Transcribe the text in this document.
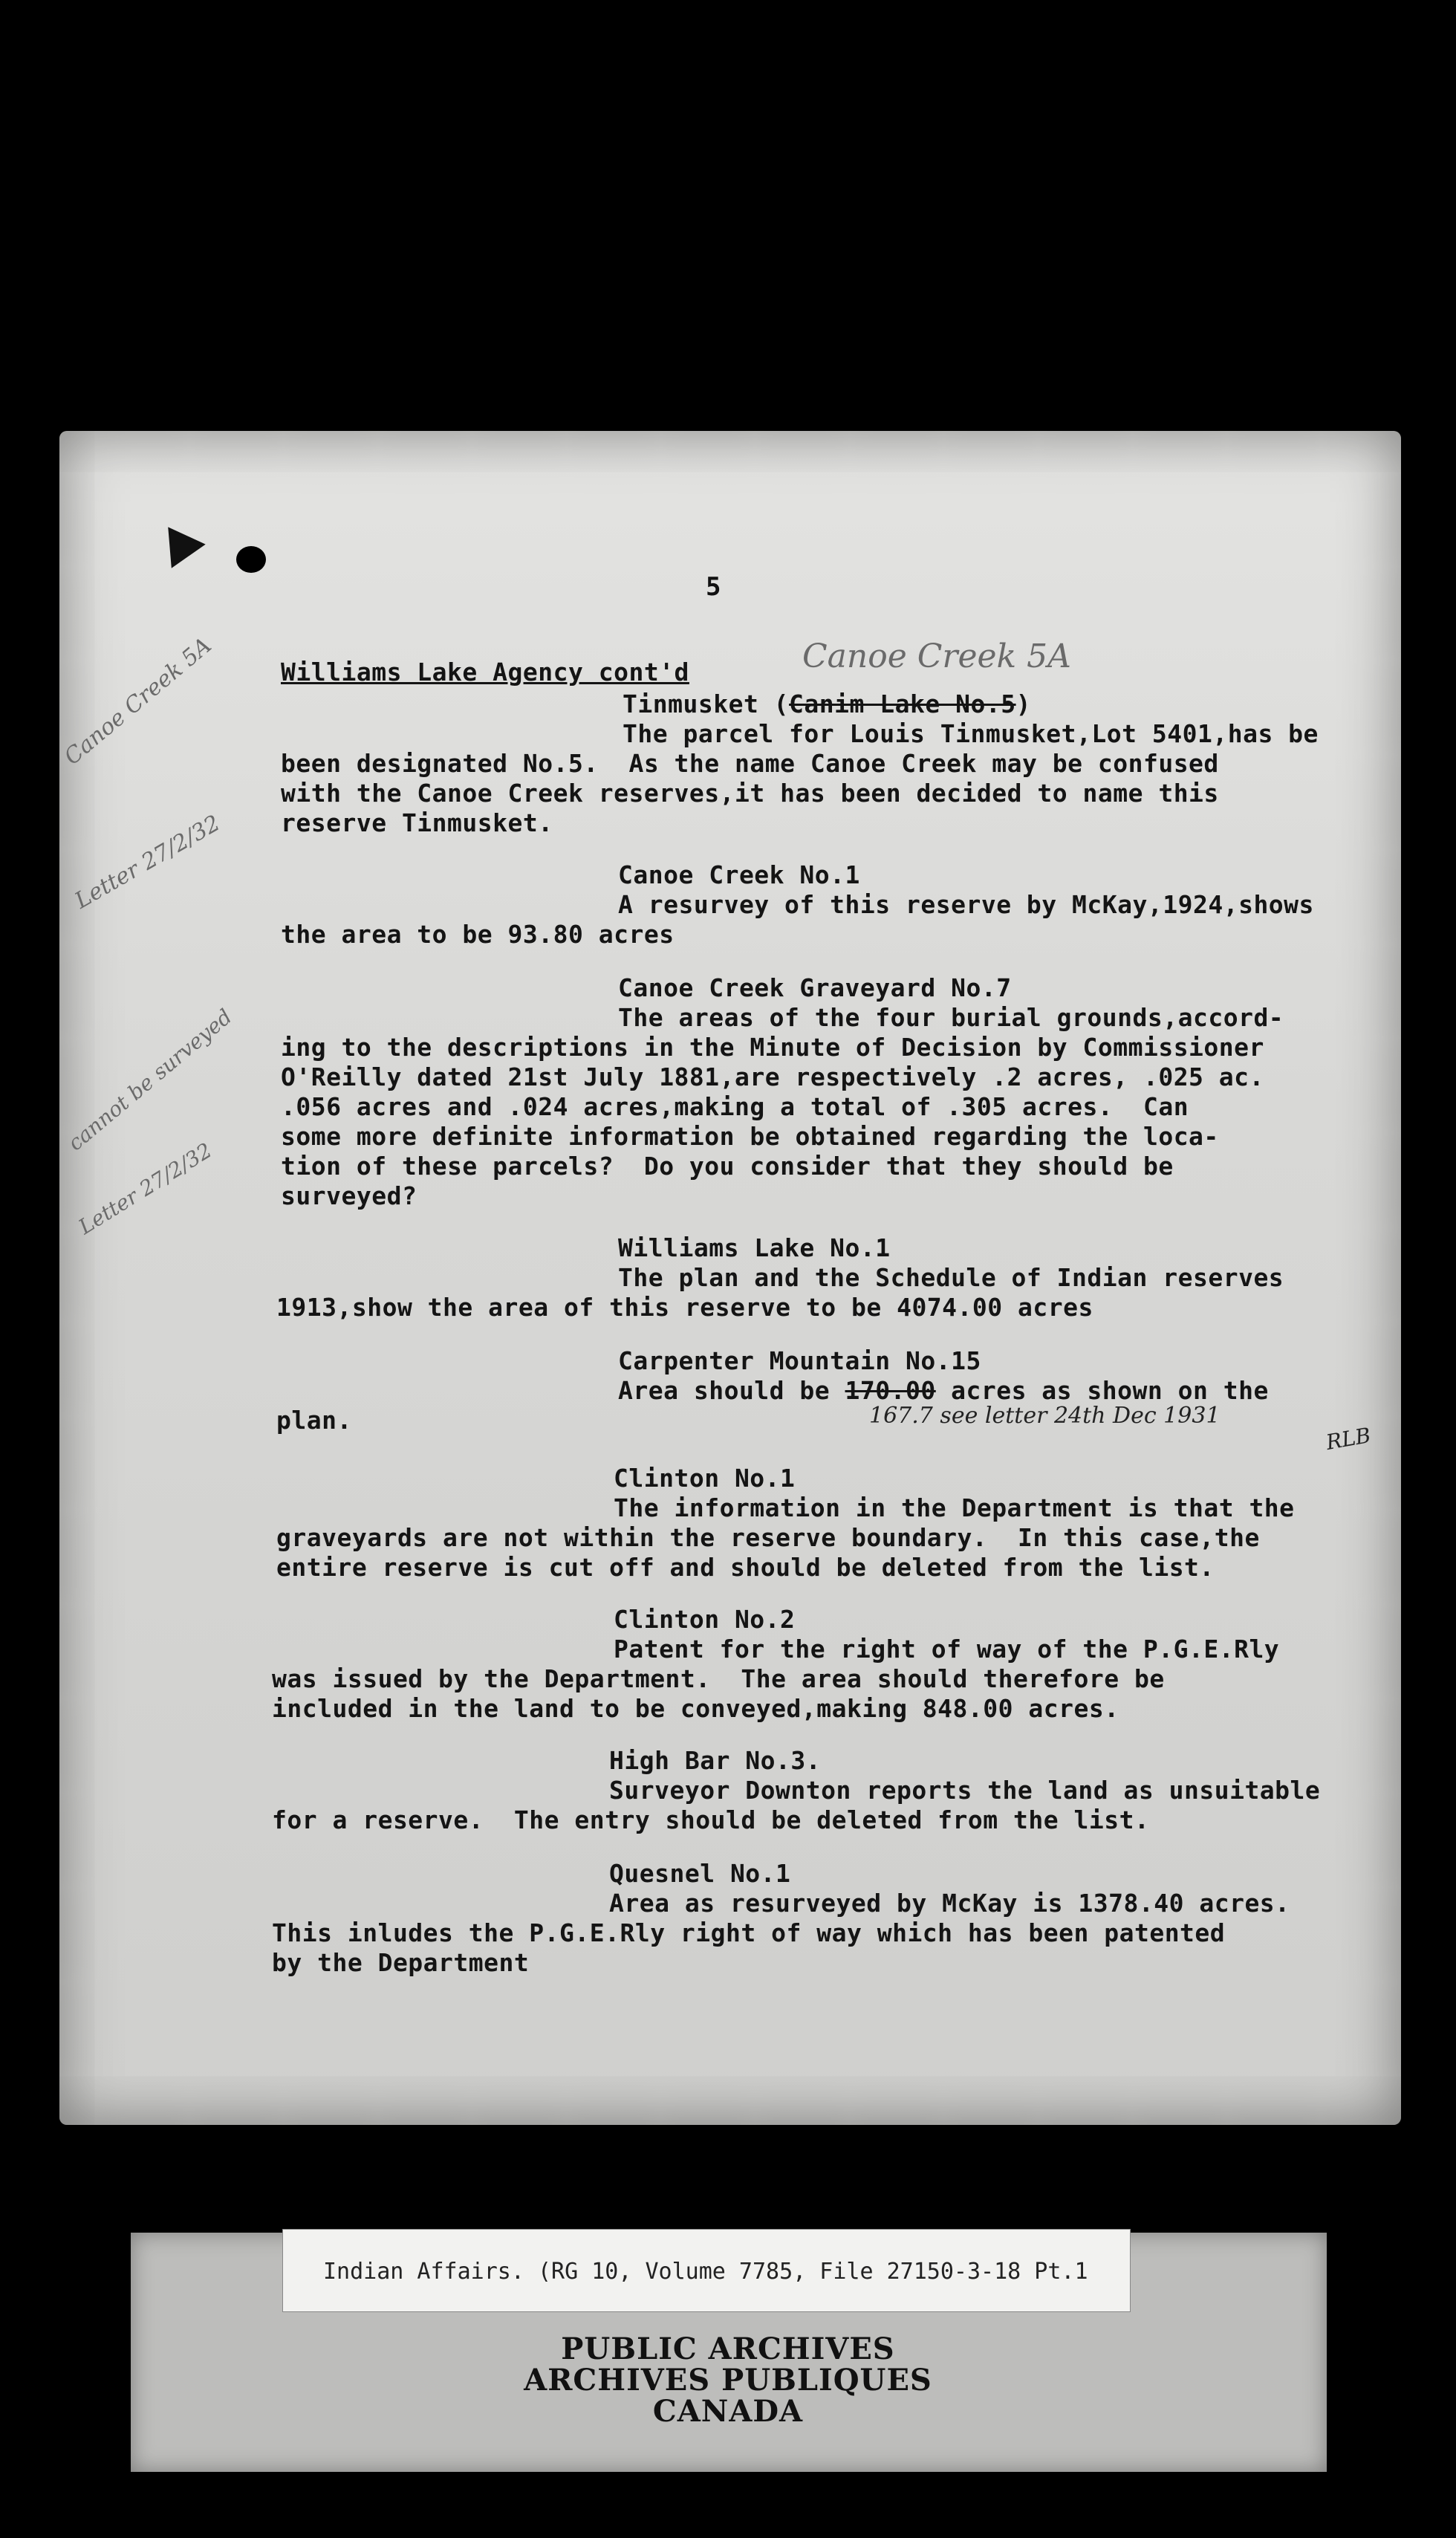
5
Williams Lake Agency cont'd	Canoe Creek 5A
Canoe Creek 5A
Letter 27/2/32
cannot be surveyed
Letter 27/2/32
Tinmusket (Canim Lake No.5)
The parcel for Louis Tinmusket,Lot 5401,has be
been designated No.5.  As the name Canoe Creek may be confused
with the Canoe Creek reserves,it has been decided to name this
reserve Tinmusket.
Canoe Creek No.1
A resurvey of this reserve by McKay,1924,shows
the area to be 93.80 acres
Canoe Creek Graveyard No.7
The areas of the four burial grounds,accord-
ing to the descriptions in the Minute of Decision by Commissioner
O'Reilly dated 21st July 1881,are respectively .2 acres, .025 ac.
.056 acres and .024 acres,making a total of .305 acres.  Can
some more definite information be obtained regarding the loca-
tion of these parcels?  Do you consider that they should be
surveyed?
Williams Lake No.1
The plan and the Schedule of Indian reserves
1913,show the area of this reserve to be 4074.00 acres
Carpenter Mountain No.15
Area should be 170.00 acres as shown on the
167.7 see letter 24th Dec 1931
RLB
plan.
Clinton No.1
The information in the Department is that the
graveyards are not within the reserve boundary.  In this case,the
entire reserve is cut off and should be deleted from the list.
Clinton No.2
Patent for the right of way of the P.G.E.Rly
was issued by the Department.  The area should therefore be
included in the land to be conveyed,making 848.00 acres.
High Bar No.3.
Surveyor Downton reports the land as unsuitable
for a reserve.  The entry should be deleted from the list.
Quesnel No.1
Area as resurveyed by McKay is 1378.40 acres.
This inludes the P.G.E.Rly right of way which has been patented
by the Department
Indian Affairs. (RG 10, Volume 7785, File 27150-3-18 Pt.1
PUBLIC ARCHIVES
ARCHIVES PUBLIQUES
CANADA
